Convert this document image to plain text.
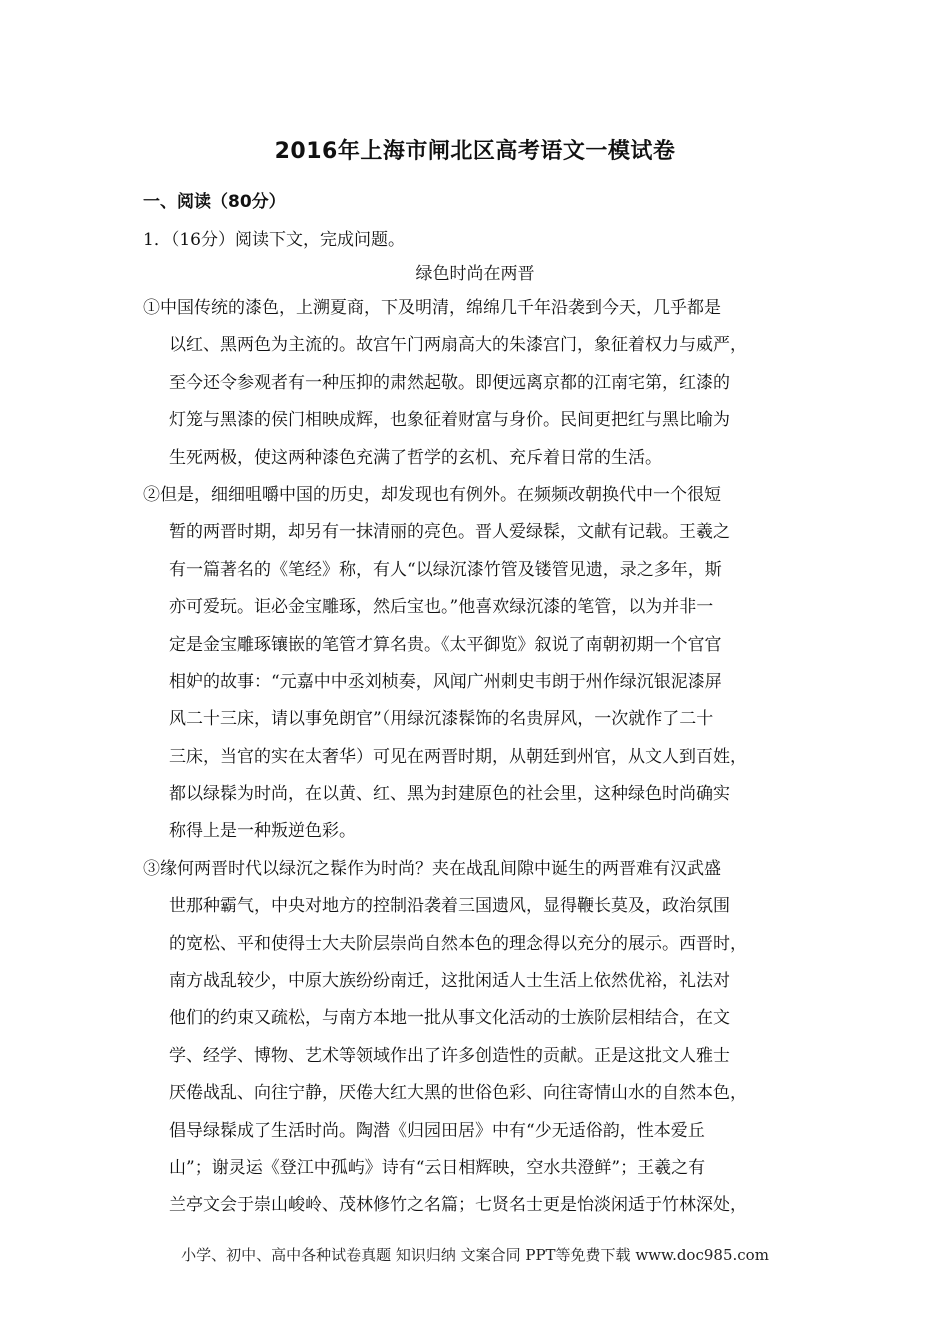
2016年上海市闸北区高考语文一模试卷
一、阅读（80分）
1．（16分）阅读下文，完成问题。
绿色时尚在两晋
①中国传统的漆色，上溯夏商，下及明清，绵绵几千年沿袭到今天，几乎都是
以红、黑两色为主流的。故宫午门两扇高大的朱漆宫门，象征着权力与威严，
至今还令参观者有一种压抑的肃然起敬。即便远离京都的江南宅第，红漆的
灯笼与黑漆的侯门相映成辉，也象征着财富与身价。民间更把红与黑比喻为
生死两极，使这两种漆色充满了哲学的玄机、充斥着日常的生活。
②但是，细细咀嚼中国的历史，却发现也有例外。在频频改朝换代中一个很短
暂的两晋时期，却另有一抹清丽的亮色。晋人爱绿髹，文献有记载。王羲之
有一篇著名的《笔经》称，有人“以绿沉漆竹管及镂管见遗，录之多年，斯
亦可爱玩。讵必金宝雕琢，然后宝也。”他喜欢绿沉漆的笔管，以为并非一
定是金宝雕琢镶嵌的笔管才算名贵。《太平御览》叙说了南朝初期一个官官
相妒的故事：“元嘉中中丞刘桢奏，风闻广州刺史韦朗于州作绿沉银泥漆屏
风二十三床，请以事免朗官”（用绿沉漆髹饰的名贵屏风，一次就作了二十
三床，当官的实在太奢华）可见在两晋时期，从朝廷到州官，从文人到百姓，
都以绿髹为时尚，在以黄、红、黑为封建原色的社会里，这种绿色时尚确实
称得上是一种叛逆色彩。
③缘何两晋时代以绿沉之髹作为时尚？夹在战乱间隙中诞生的两晋难有汉武盛
世那种霸气，中央对地方的控制沿袭着三国遗风，显得鞭长莫及，政治氛围
的宽松、平和使得士大夫阶层崇尚自然本色的理念得以充分的展示。西晋时，
南方战乱较少，中原大族纷纷南迁，这批闲适人士生活上依然优裕，礼法对
他们的约束又疏松，与南方本地一批从事文化活动的士族阶层相结合，在文
学、经学、博物、艺术等领域作出了许多创造性的贡献。正是这批文人雅士
厌倦战乱、向往宁静，厌倦大红大黑的世俗色彩、向往寄情山水的自然本色，
倡导绿髹成了生活时尚。陶潜《归园田居》中有“少无适俗韵，性本爱丘
山”；谢灵运《登江中孤屿》诗有“云日相辉映，空水共澄鲜”；王羲之有
兰亭文会于崇山峻岭、茂林修竹之名篇；七贤名士更是怡淡闲适于竹林深处，
小学、初中、高中各种试卷真题 知识归纳 文案合同 PPT等免费下载 www.doc985.com
